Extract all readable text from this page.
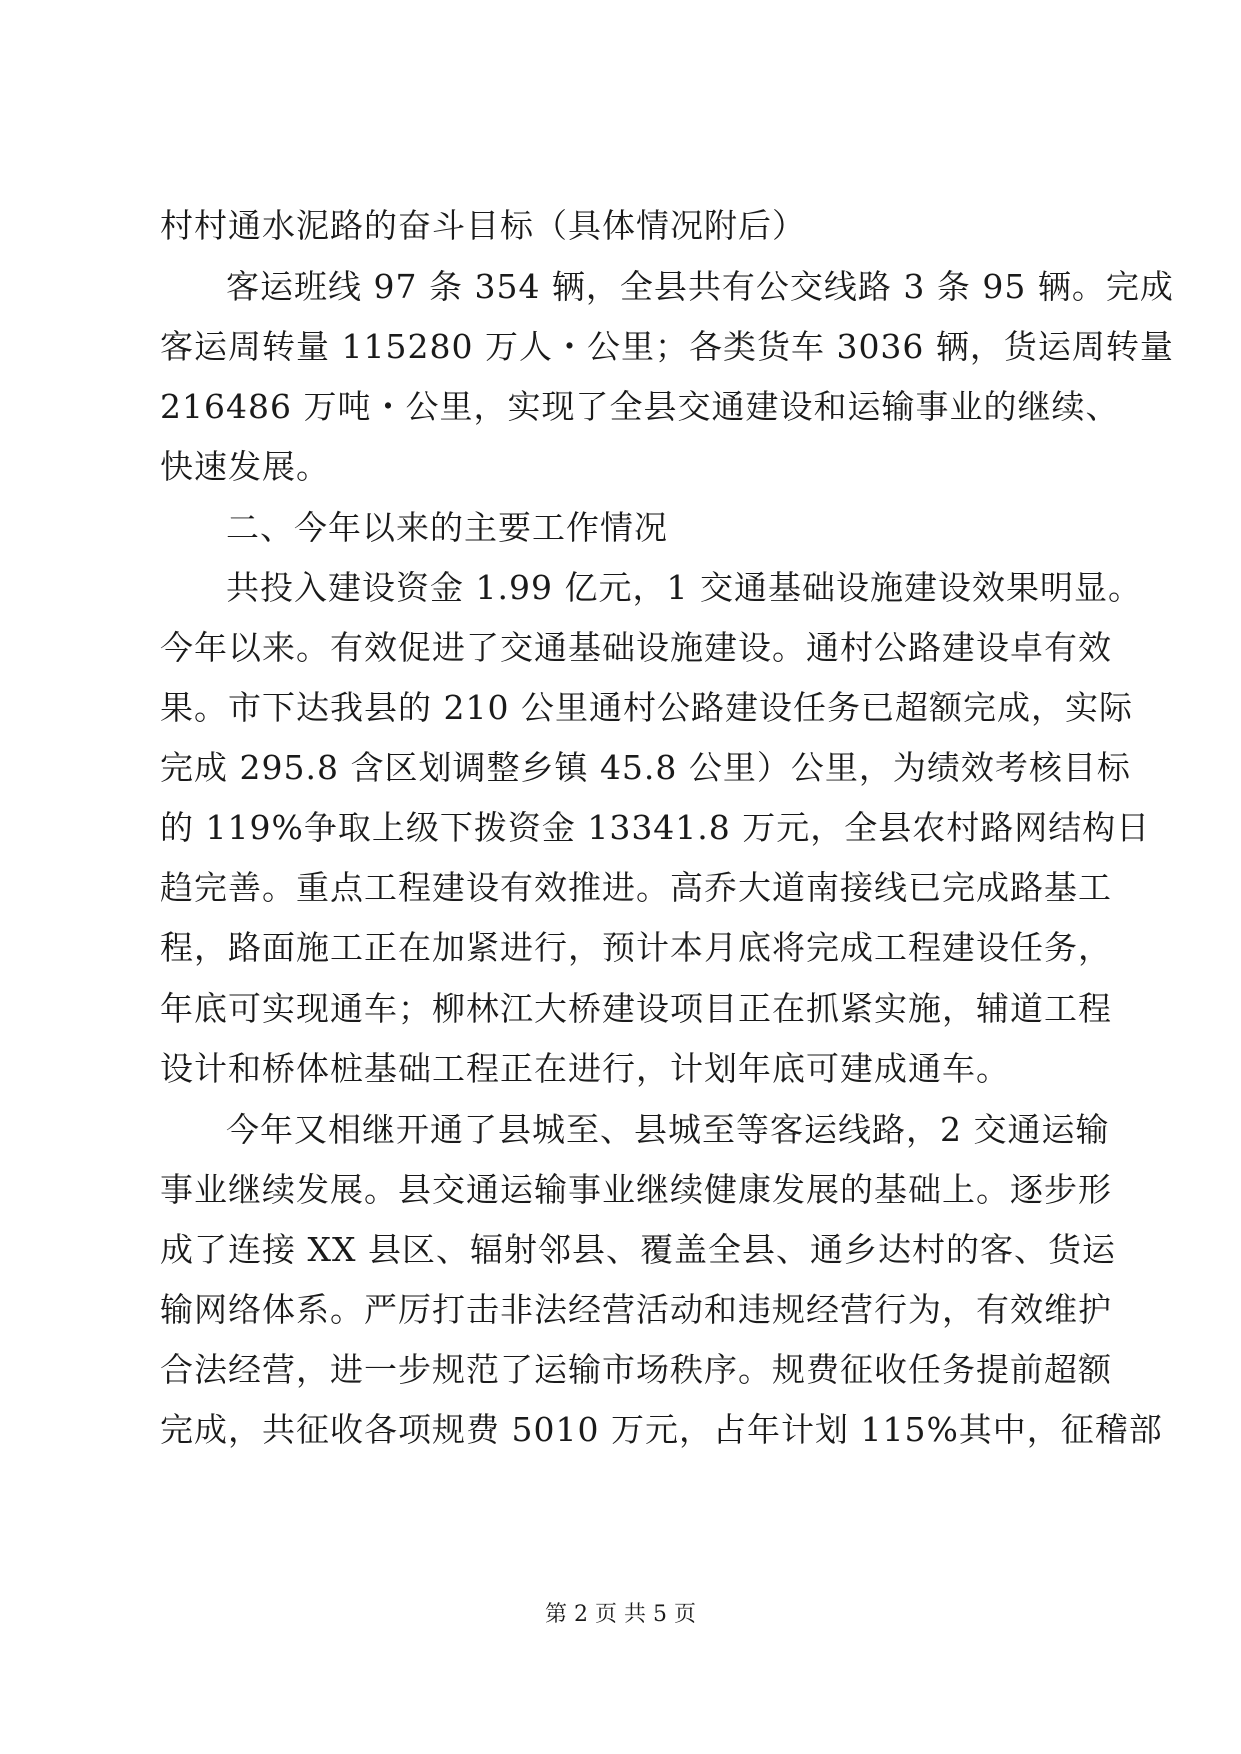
村村通水泥路的奋斗目标（具体情况附后）
客运班线 97 条 354 辆，全县共有公交线路 3 条 95 辆。完成
客运周转量 115280 万人・公里；各类货车 3036 辆，货运周转量
216486 万吨・公里，实现了全县交通建设和运输事业的继续、
快速发展。
二、今年以来的主要工作情况
共投入建设资金 1.99 亿元，1 交通基础设施建设效果明显。
今年以来。有效促进了交通基础设施建设。通村公路建设卓有效
果。市下达我县的 210 公里通村公路建设任务已超额完成，实际
完成 295.8 含区划调整乡镇 45.8 公里）公里，为绩效考核目标
的 119%争取上级下拨资金 13341.8 万元，全县农村路网结构日
趋完善。重点工程建设有效推进。高乔大道南接线已完成路基工
程，路面施工正在加紧进行，预计本月底将完成工程建设任务，
年底可实现通车；柳林江大桥建设项目正在抓紧实施，辅道工程
设计和桥体桩基础工程正在进行，计划年底可建成通车。
今年又相继开通了县城至、县城至等客运线路，2 交通运输
事业继续发展。县交通运输事业继续健康发展的基础上。逐步形
成了连接 XX 县区、辐射邻县、覆盖全县、通乡达村的客、货运
输网络体系。严厉打击非法经营活动和违规经营行为，有效维护
合法经营，进一步规范了运输市场秩序。规费征收任务提前超额
完成，共征收各项规费 5010 万元，占年计划 115%其中，征稽部
第 2 页 共 5 页
